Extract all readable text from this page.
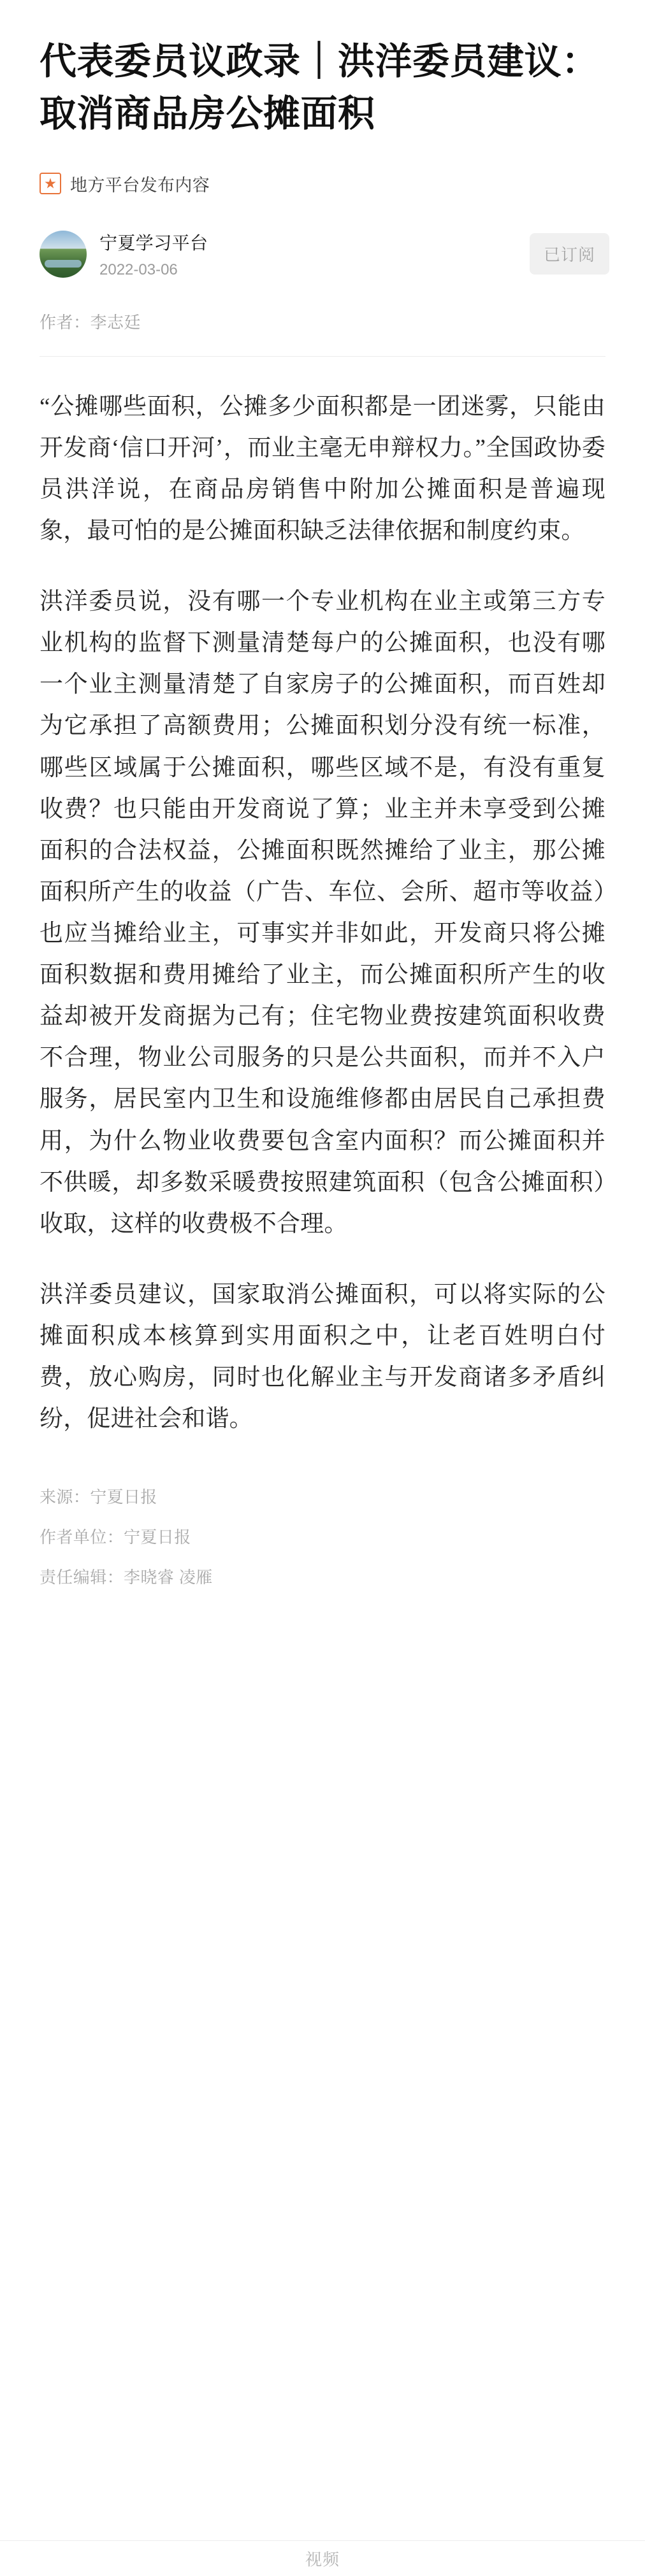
代表委员议政录｜洪洋委员建议：取消商品房公摊面积
地方平台发布内容
宁夏学习平台
2022-03-06
已订阅
作者：李志廷

“公摊哪些面积，公摊多少面积都是一团迷雾，只能由开发商‘信口开河’，而业主毫无申辩权力。”全国政协委员洪洋说，在商品房销售中附加公摊面积是普遍现象，最可怕的是公摊面积缺乏法律依据和制度约束。

洪洋委员说，没有哪一个专业机构在业主或第三方专业机构的监督下测量清楚每户的公摊面积，也没有哪一个业主测量清楚了自家房子的公摊面积，而百姓却为它承担了高额费用；公摊面积划分没有统一标准，哪些区域属于公摊面积，哪些区域不是，有没有重复收费？也只能由开发商说了算；业主并未享受到公摊面积的合法权益，公摊面积既然摊给了业主，那公摊面积所产生的收益（广告、车位、会所、超市等收益）也应当摊给业主，可事实并非如此，开发商只将公摊面积数据和费用摊给了业主，而公摊面积所产生的收益却被开发商据为己有；住宅物业费按建筑面积收费不合理，物业公司服务的只是公共面积，而并不入户服务，居民室内卫生和设施维修都由居民自己承担费用，为什么物业收费要包含室内面积？而公摊面积并不供暖，却多数采暖费按照建筑面积（包含公摊面积）收取，这样的收费极不合理。

洪洋委员建议，国家取消公摊面积，可以将实际的公摊面积成本核算到实用面积之中，让老百姓明白付费，放心购房，同时也化解业主与开发商诸多矛盾纠纷，促进社会和谐。

来源：宁夏日报
作者单位：宁夏日报
责任编辑：李晓睿 凌雁
视频
